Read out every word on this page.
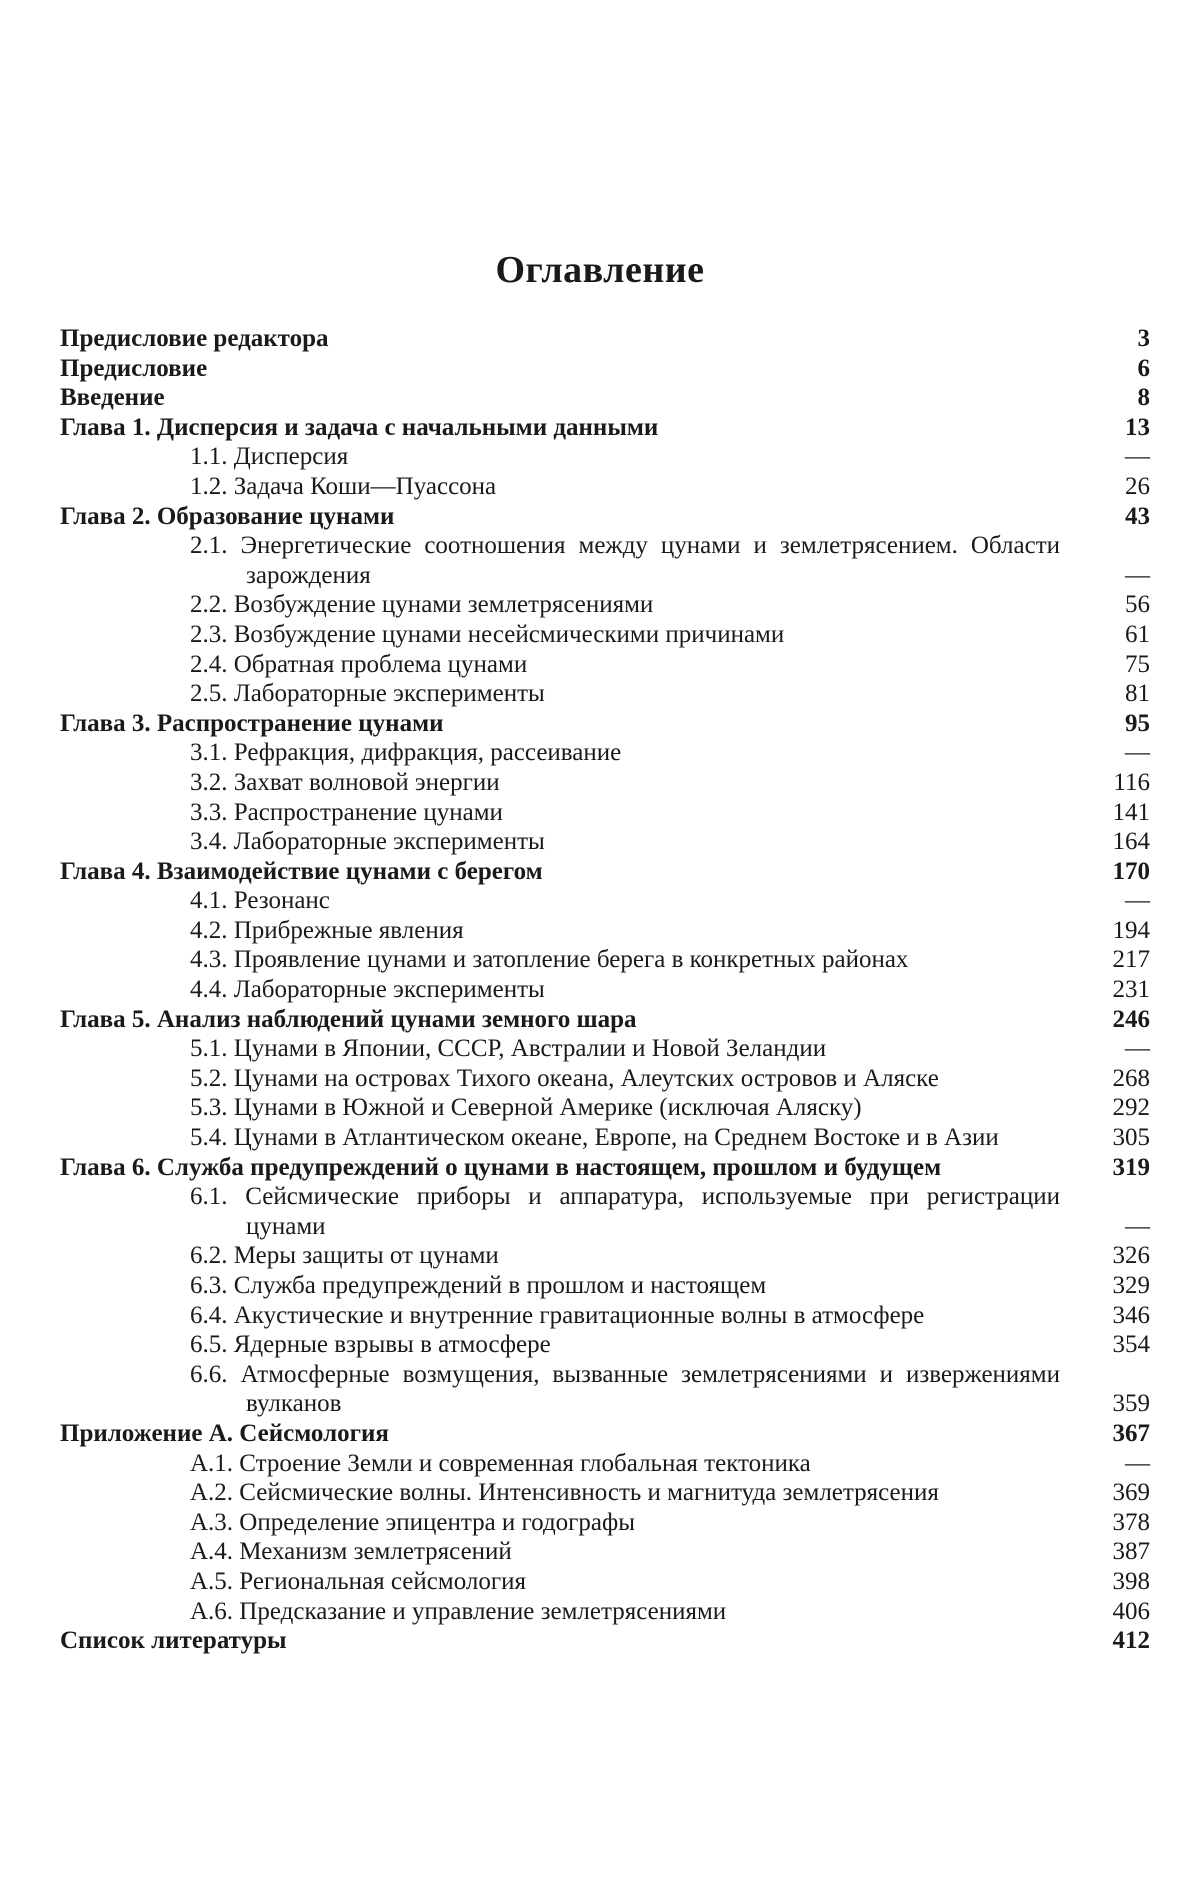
Оглавление
Предисловие редактора	3
Предисловие	6
Введение	8
Глава 1. Дисперсия и задача с начальными данными	13
1.1. Дисперсия	—
1.2. Задача Коши—Пуассона	26
Глава 2. Образование цунами	43
2.1. Энергетические соотношения между цунами и землетрясением. Области зарождения	—
2.2. Возбуждение цунами землетрясениями	56
2.3. Возбуждение цунами несейсмическими причинами	61
2.4. Обратная проблема цунами	75
2.5. Лабораторные эксперименты	81
Глава 3. Распространение цунами	95
3.1. Рефракция, дифракция, рассеивание	—
3.2. Захват волновой энергии	116
3.3. Распространение цунами	141
3.4. Лабораторные эксперименты	164
Глава 4. Взаимодействие цунами с берегом	170
4.1. Резонанс	—
4.2. Прибрежные явления	194
4.3. Проявление цунами и затопление берега в конкретных районах	217
4.4. Лабораторные эксперименты	231
Глава 5. Анализ наблюдений цунами земного шара	246
5.1. Цунами в Японии, СССР, Австралии и Новой Зеландии	—
5.2. Цунами на островах Тихого океана, Алеутских островов и Аляске	268
5.3. Цунами в Южной и Северной Америке (исключая Аляску)	292
5.4. Цунами в Атлантическом океане, Европе, на Среднем Востоке и в Азии	305
Глава 6. Служба предупреждений о цунами в настоящем, прошлом и будущем	319
6.1. Сейсмические приборы и аппаратура, используемые при регистрации цунами	—
6.2. Меры защиты от цунами	326
6.3. Служба предупреждений в прошлом и настоящем	329
6.4. Акустические и внутренние гравитационные волны в атмосфере	346
6.5. Ядерные взрывы в атмосфере	354
6.6. Атмосферные возмущения, вызванные землетрясениями и извержениями вулканов	359
Приложение А. Сейсмология	367
А.1. Строение Земли и современная глобальная тектоника	—
А.2. Сейсмические волны. Интенсивность и магнитуда землетрясения	369
А.3. Определение эпицентра и годографы	378
А.4. Механизм землетрясений	387
А.5. Региональная сейсмология	398
А.6. Предсказание и управление землетрясениями	406
Список литературы	412
